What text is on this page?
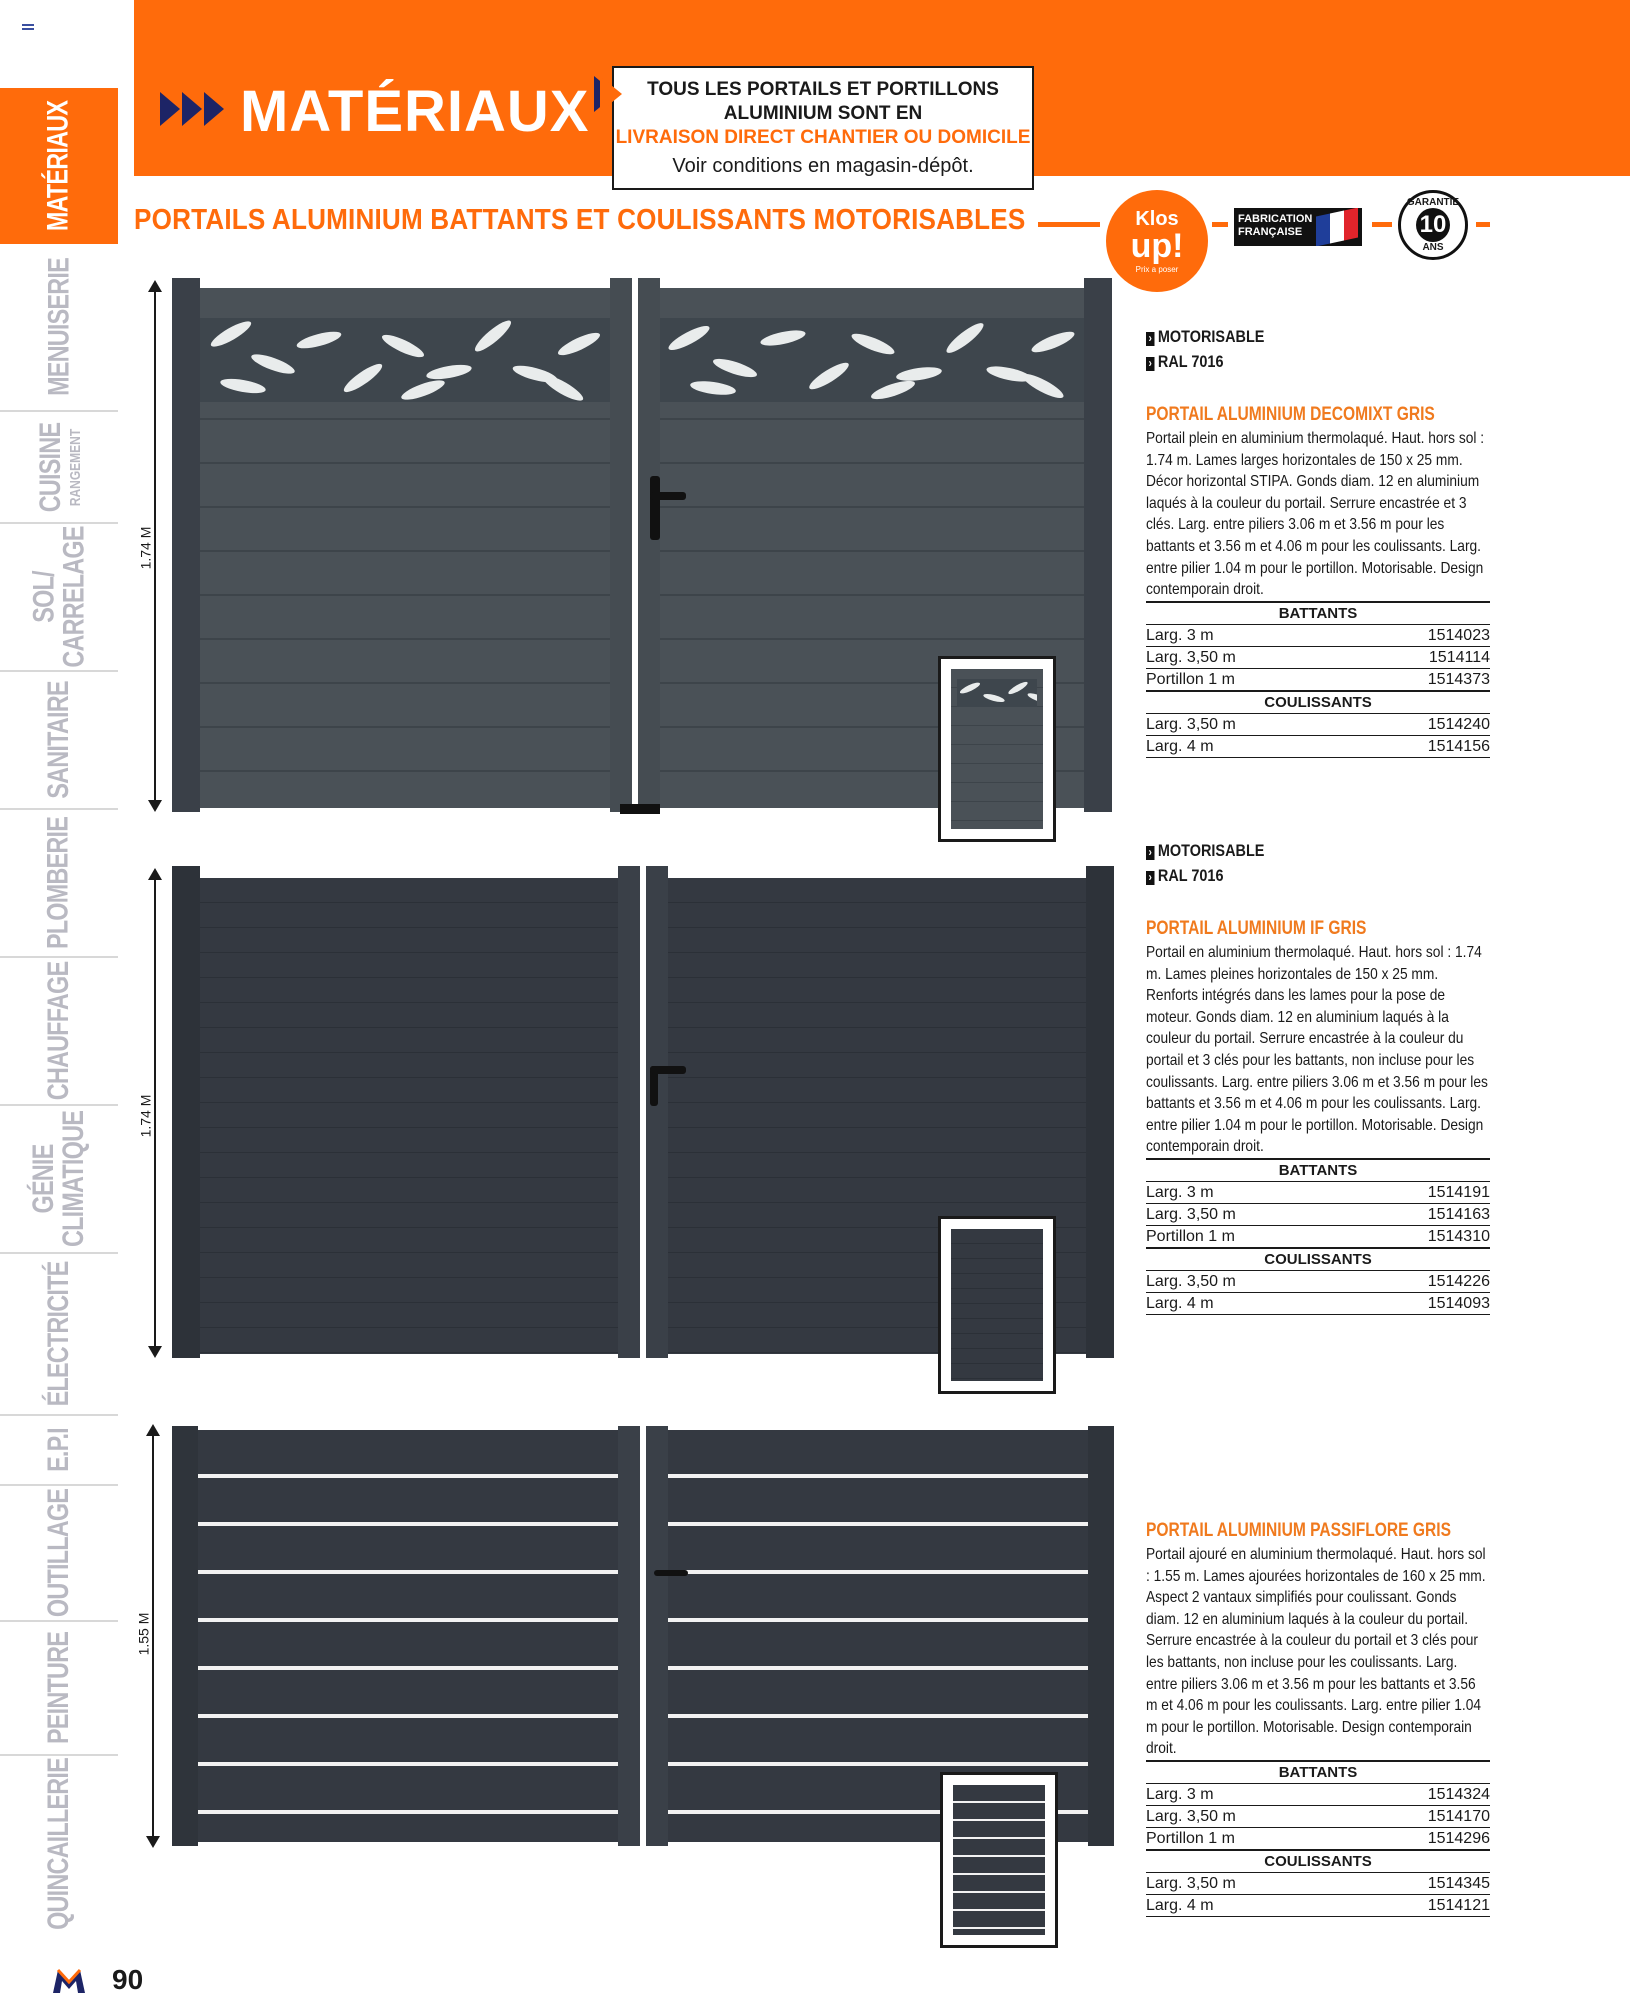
MATÉRIAUX
MENUISERIE
CUISINE RANGEMENT
SOL/
CARRELAGE
SANITAIRE
PLOMBERIE
CHAUFFAGE
GÉNIE
CLIMATIQUE
ÉLECTRICITÉ
E.P.I
OUTILLAGE
PEINTURE
QUINCAILLERIE
MATÉRIAUX	TOUS LES PORTAILS ET PORTILLONS
ALUMINIUM SONT EN
LIVRAISON DIRECT CHANTIER OU DOMICILE
Voir conditions en magasin-dépôt.
PORTAILS ALUMINIUM BATTANTS ET COULISSANTS MOTORISABLES	Klos
up!
Prix a poser
FABRICATION
FRANÇAISE
GARANTIE
10
ANS
1.74 M
1.74 M
1.55 M
› MOTORISABLE
› RAL 7016
PORTAIL ALUMINIUM DECOMIXT GRIS
Portail plein en aluminium thermolaqué. Haut. hors sol : 1.74 m. Lames larges horizontales de 150 x 25 mm. Décor horizontal STIPA. Gonds diam. 12 en aluminium laqués à la couleur du portail. Serrure encastrée et 3 clés. Larg. entre piliers 3.06 m et 3.56 m pour les battants et 3.56 m et 4.06 m pour les coulissants. Larg. entre pilier 1.04 m pour le portillon. Motorisable. Design contemporain droit.
BATTANTS	
Larg. 3 m	1514023
Larg. 3,50 m	1514114
Portillon 1 m	1514373
COULISSANTS	
Larg. 3,50 m	1514240
Larg. 4 m	1514156
› MOTORISABLE
› RAL 7016
PORTAIL ALUMINIUM IF GRIS
Portail en aluminium thermolaqué. Haut. hors sol : 1.74 m. Lames pleines horizontales de 150 x 25 mm. Renforts intégrés dans les lames pour la pose de moteur. Gonds diam. 12 en aluminium laqués à la couleur du portail. Serrure encastrée à la couleur du portail et 3 clés pour les battants, non incluse pour les coulissants. Larg. entre piliers 3.06 m et 3.56 m pour les battants et 3.56 m et 4.06 m pour les coulissants. Larg. entre pilier 1.04 m pour le portillon. Motorisable. Design contemporain droit.
BATTANTS	
Larg. 3 m	1514191
Larg. 3,50 m	1514163
Portillon 1 m	1514310
COULISSANTS	
Larg. 3,50 m	1514226
Larg. 4 m	1514093
PORTAIL ALUMINIUM PASSIFLORE GRIS
Portail ajouré en aluminium thermolaqué. Haut. hors sol : 1.55 m. Lames ajourées horizontales de 160 x 25 mm. Aspect 2 vantaux simplifiés pour coulissant. Gonds diam. 12 en aluminium laqués à la couleur du portail. Serrure encastrée à la couleur du portail et 3 clés pour les battants, non incluse pour les coulissants. Larg. entre piliers 3.06 m et 3.56 m pour les battants et 3.56 m et 4.06 m pour les coulissants. Larg. entre pilier 1.04 m pour le portillon. Motorisable. Design contemporain droit.
BATTANTS	
Larg. 3 m	1514324
Larg. 3,50 m	1514170
Portillon 1 m	1514296
COULISSANTS	
Larg. 3,50 m	1514345
Larg. 4 m	1514121
90
